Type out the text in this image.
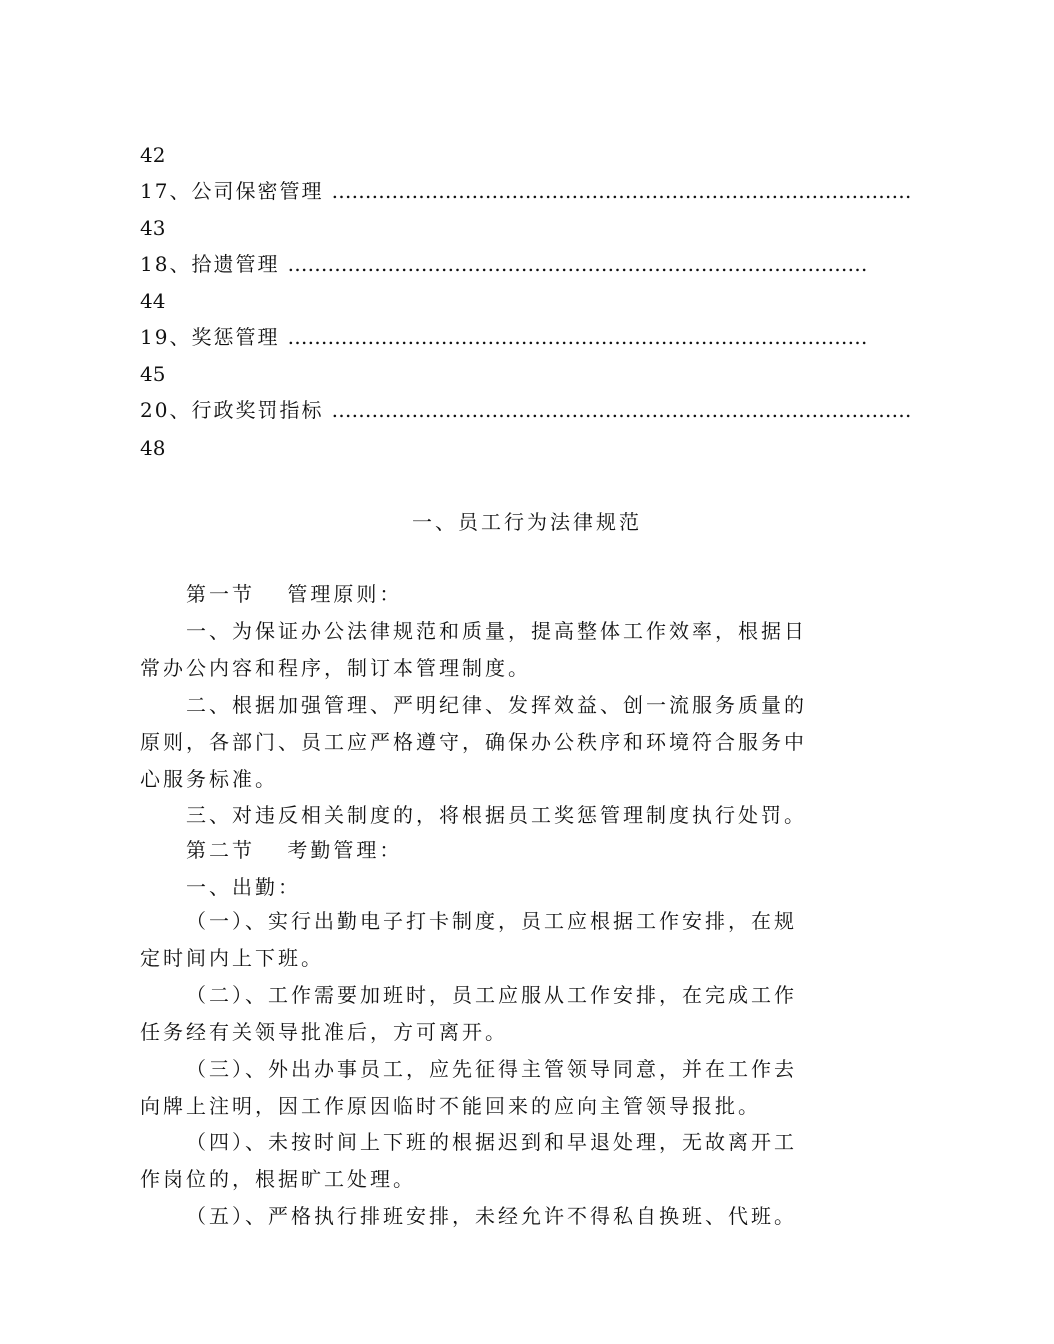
42
17、公司保密管理 ……………………………………………………………………………
43
18、拾遗管理 ……………………………………………………………………………
44
19、奖惩管理 ……………………………………………………………………………
45
20、行政奖罚指标 ……………………………………………………………………………
48
一、员工行为法律规范
第一节　 管理原则：
一、为保证办公法律规范和质量，提高整体工作效率，根据日常办公内容和程序，制订本管理制度。
二、根据加强管理、严明纪律、发挥效益、创一流服务质量的原则，各部门、员工应严格遵守，确保办公秩序和环境符合服务中心服务标准。
三、对违反相关制度的，将根据员工奖惩管理制度执行处罚。
第二节　 考勤管理：
一、出勤：
（一）、实行出勤电子打卡制度，员工应根据工作安排，在规定时间内上下班。
（二）、工作需要加班时，员工应服从工作安排，在完成工作任务经有关领导批准后，方可离开。
（三）、外出办事员工，应先征得主管领导同意，并在工作去向牌上注明，因工作原因临时不能回来的应向主管领导报批。
（四）、未按时间上下班的根据迟到和早退处理，无故离开工作岗位的，根据旷工处理。
（五）、严格执行排班安排，未经允许不得私自换班、代班。
